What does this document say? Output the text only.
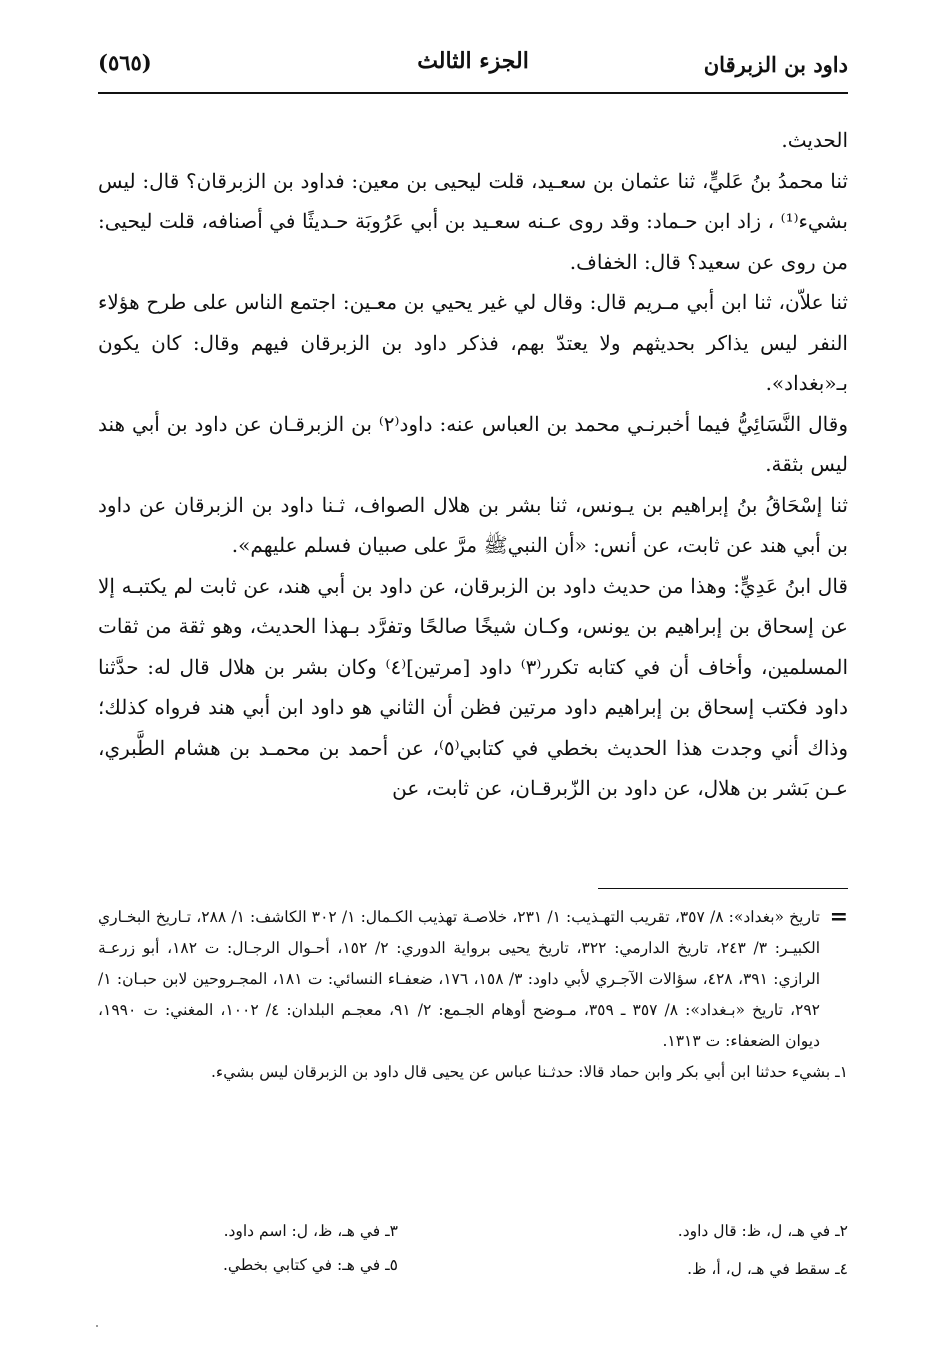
داود بن الزبرقان
الجزء الثالث
(٥٦٥)

الحديث.

ثنا محمدُ بنُ عَليٍّ، ثنا عثمان بن سعـيد، قلت ليحيى بن معين: فداود بن الزبرقان؟ قال: ليس بشيء⁽¹⁾ ، زاد ابن حـماد: وقد روى عـنه سعـيد بن أبي عَرُوبَة حـديثًا في أصنافه، قلت ليحيى: من روى عن سعيد؟ قال: الخفاف.

ثنا علاّن، ثنا ابن أبي مـريم قال: وقال لي غير يحيي بن معـين: اجتمع الناس على طرح هؤلاء النفر ليس يذاكر بحديثهم ولا يعتدّ بهم، فذكر داود بن الزبرقان فيهم وقال: كان يكون بـ«بغداد».

وقال النَّسَائِيُّ فيما أخبرنـي محمد بن العباس عنه: داود⁽٢⁾ بن الزبرقـان عن داود بن أبي هند ليس بثقة.

ثنا إسْحَاقُ بنُ إبراهيم بن يـونس، ثنا بشر بن هلال الصواف، ثـنا داود بن الزبرقان عن داود بن أبي هند عن ثابت، عن أنس: «أن النبيﷺ مرَّ على صبيان فسلم عليهم».

قال ابنُ عَدِيٍّ: وهذا من حديث داود بن الزبرقان، عن داود بن أبي هند، عن ثابت لم يكتبـه إلا عن إسحاق بن إبراهيم بن يونس، وكـان شيخًا صالحًا وتفرَّد بـهذا الحديث، وهو ثقة من ثقات المسلمين، وأخاف أن في كتابه تكرر⁽٣⁾ داود [مرتين]⁽٤⁾ وكان بشر بن هلال قال له: حدَّثنا داود فكتب إسحاق بن إبراهيم داود مرتين فظن أن الثاني هو داود ابن أبي هند فرواه كذلك؛ وذاك أني وجدت هذا الحديث بخطي في كتابي⁽٥⁾، عن أحمد بن محمـد بن هشام الطَّبري، عـن بَشر بن هلال، عن داود بن الزّبرقـان، عن ثابت، عن

=
تاريخ «بغداد»: ٨/ ٣٥٧، تقريب التهـذيب: ١/ ٢٣١، خلاصـة تهذيب الكـمال: ١/ ٣٠٢ الكاشف: ١/ ٢٨٨، تـاريخ البخـاري الكبيـر: ٣/ ٢٤٣، تاريخ الدارمي: ٣٢٢، تاريخ يحيى برواية الدوري: ٢/ ١٥٢، أحـوال الرجـال: ت ١٨٢، أبو زرعـة الرازي: ٣٩١، ٤٢٨، سؤالات الآجـري لأبي داود: ٣/ ١٥٨، ١٧٦، ضعفـاء النسائي: ت ١٨١، المجـروحين لابن حبـان: ١/ ٢٩٢، تاريخ «بـغداد»: ٨/ ٣٥٧ ـ ٣٥٩، مـوضح أوهام الجـمع: ٢/ ٩١، معجـم البلدان: ٤/ ١٠٠٢، المغني: ت ١٩٩٠، ديوان الضعفاء: ت ١٣١٣.

١ـ بشيء حدثنا ابن أبي بكر وابن حماد قالا: حدثـنا عباس عن يحيى قال داود بن الزبرقان ليس بشيء.

٢ـ في هـ، ل، ظ: قال داود.
٣ـ في هـ، ظ، ل: اسم داود.
٤ـ سقط في هـ، ل، أ، ظ.
٥ـ في هـ: في كتابي بخطي.
